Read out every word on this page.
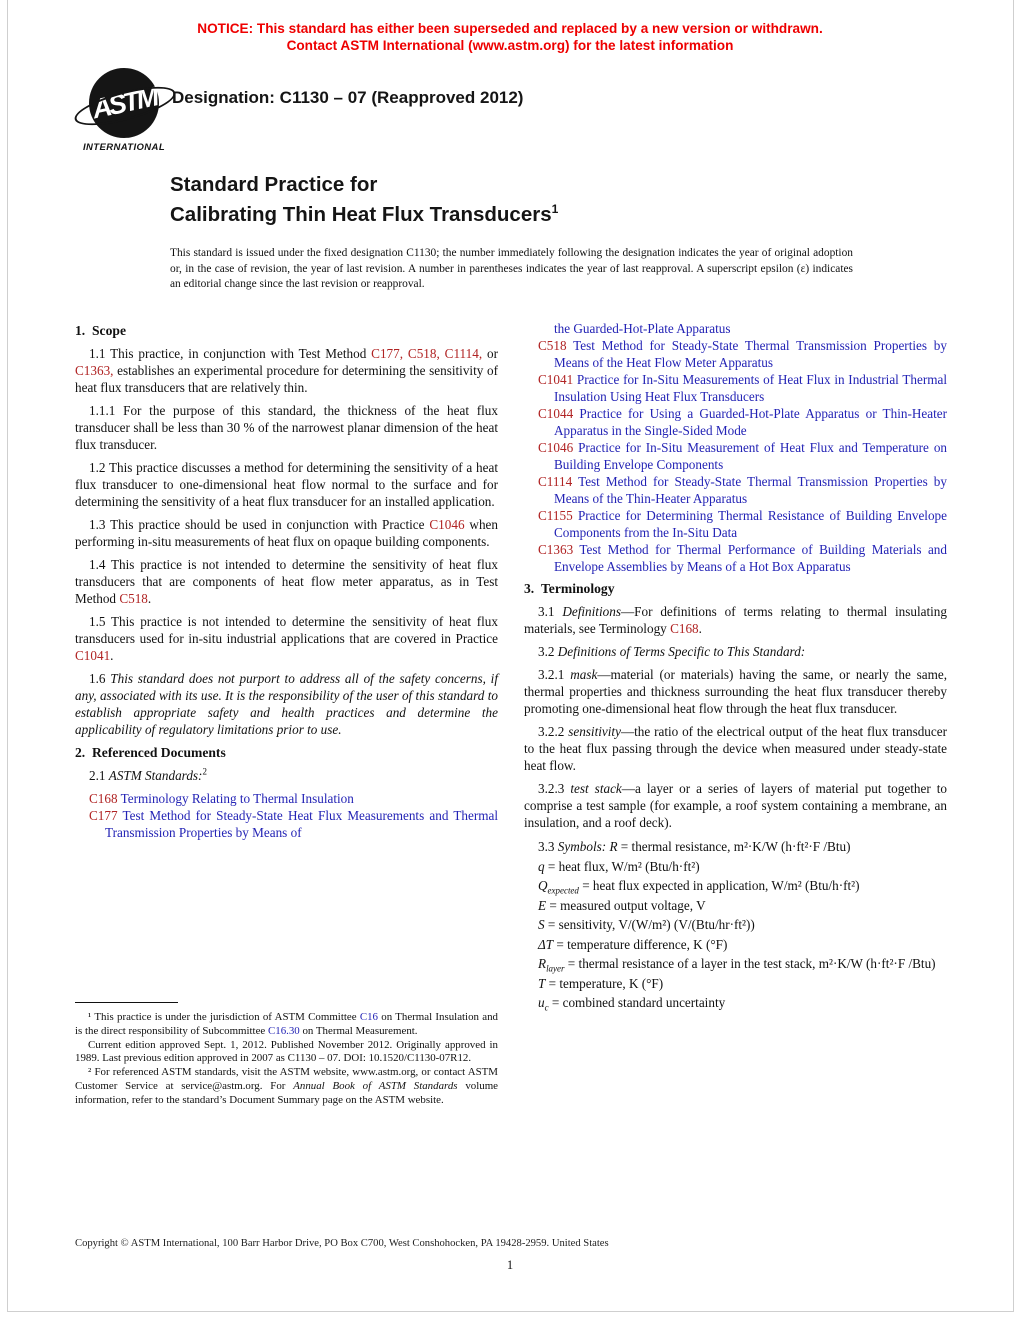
NOTICE: This standard has either been superseded and replaced by a new version or withdrawn.
Contact ASTM International (www.astm.org) for the latest information
ASTM
INTERNATIONAL
Designation: C1130 – 07 (Reapproved 2012)
Standard Practice for
Calibrating Thin Heat Flux Transducers$^1$
This standard is issued under the fixed designation C1130; the number immediately following the designation indicates the year of original adoption or, in the case of revision, the year of last revision. A number in parentheses indicates the year of last reapproval. A superscript epsilon (ε) indicates an editorial change since the last revision or reapproval.

1.  Scope

1.1 This practice, in conjunction with Test Method C177, C518, C1114, or C1363, establishes an experimental procedure for determining the sensitivity of heat flux transducers that are relatively thin.

1.1.1 For the purpose of this standard, the thickness of the heat flux transducer shall be less than 30 % of the narrowest planar dimension of the heat flux transducer.

1.2 This practice discusses a method for determining the sensitivity of a heat flux transducer to one-dimensional heat flow normal to the surface and for determining the sensitivity of a heat flux transducer for an installed application.

1.3 This practice should be used in conjunction with Practice C1046 when performing in-situ measurements of heat flux on opaque building components.

1.4 This practice is not intended to determine the sensitivity of heat flux transducers that are components of heat flow meter apparatus, as in Test Method C518.

1.5 This practice is not intended to determine the sensitivity of heat flux transducers used for in-situ industrial applications that are covered in Practice C1041.

1.6 This standard does not purport to address all of the safety concerns, if any, associated with its use. It is the responsibility of the user of this standard to establish appropriate safety and health practices and determine the applicability of regulatory limitations prior to use.

2.  Referenced Documents

2.1 ASTM Standards:$^2$

C168 Terminology Relating to Thermal Insulation

C177 Test Method for Steady-State Heat Flux Measurements and Thermal Transmission Properties by Means of

the Guarded-Hot-Plate Apparatus

C518 Test Method for Steady-State Thermal Transmission Properties by Means of the Heat Flow Meter Apparatus

C1041 Practice for In-Situ Measurements of Heat Flux in Industrial Thermal Insulation Using Heat Flux Transducers

C1044 Practice for Using a Guarded-Hot-Plate Apparatus or Thin-Heater Apparatus in the Single-Sided Mode

C1046 Practice for In-Situ Measurement of Heat Flux and Temperature on Building Envelope Components

C1114 Test Method for Steady-State Thermal Transmission Properties by Means of the Thin-Heater Apparatus

C1155 Practice for Determining Thermal Resistance of Building Envelope Components from the In-Situ Data

C1363 Test Method for Thermal Performance of Building Materials and Envelope Assemblies by Means of a Hot Box Apparatus

3.  Terminology

3.1 Definitions—For definitions of terms relating to thermal insulating materials, see Terminology C168.

3.2 Definitions of Terms Specific to This Standard:

3.2.1 mask—material (or materials) having the same, or nearly the same, thermal properties and thickness surrounding the heat flux transducer thereby promoting one-dimensional heat flow through the heat flux transducer.

3.2.2 sensitivity—the ratio of the electrical output of the heat flux transducer to the heat flux passing through the device when measured under steady-state heat flow.

3.2.3 test stack—a layer or a series of layers of material put together to comprise a test sample (for example, a roof system containing a membrane, an insulation, and a roof deck).

3.3 Symbols: R = thermal resistance, m²·K/W (h·ft²·F /Btu)

q = heat flux, W/m² (Btu/h·ft²)

$Q_{expected}$ = heat flux expected in application, W/m² (Btu/h·ft²)

E = measured output voltage, V

S = sensitivity, V/(W/m²) (V/(Btu/hr·ft²))

ΔT = temperature difference, K (°F)

$R_{layer}$ = thermal resistance of a layer in the test stack, m²·K/W (h·ft²·F /Btu)

T = temperature, K (°F)

$u_c$ = combined standard uncertainty

¹ This practice is under the jurisdiction of ASTM Committee C16 on Thermal Insulation and is the direct responsibility of Subcommittee C16.30 on Thermal Measurement.

Current edition approved Sept. 1, 2012. Published November 2012. Originally approved in 1989. Last previous edition approved in 2007 as C1130 – 07. DOI: 10.1520/C1130-07R12.

² For referenced ASTM standards, visit the ASTM website, www.astm.org, or contact ASTM Customer Service at service@astm.org. For Annual Book of ASTM Standards volume information, refer to the standard’s Document Summary page on the ASTM website.

Copyright © ASTM International, 100 Barr Harbor Drive, PO Box C700, West Conshohocken, PA 19428-2959. United States
1
